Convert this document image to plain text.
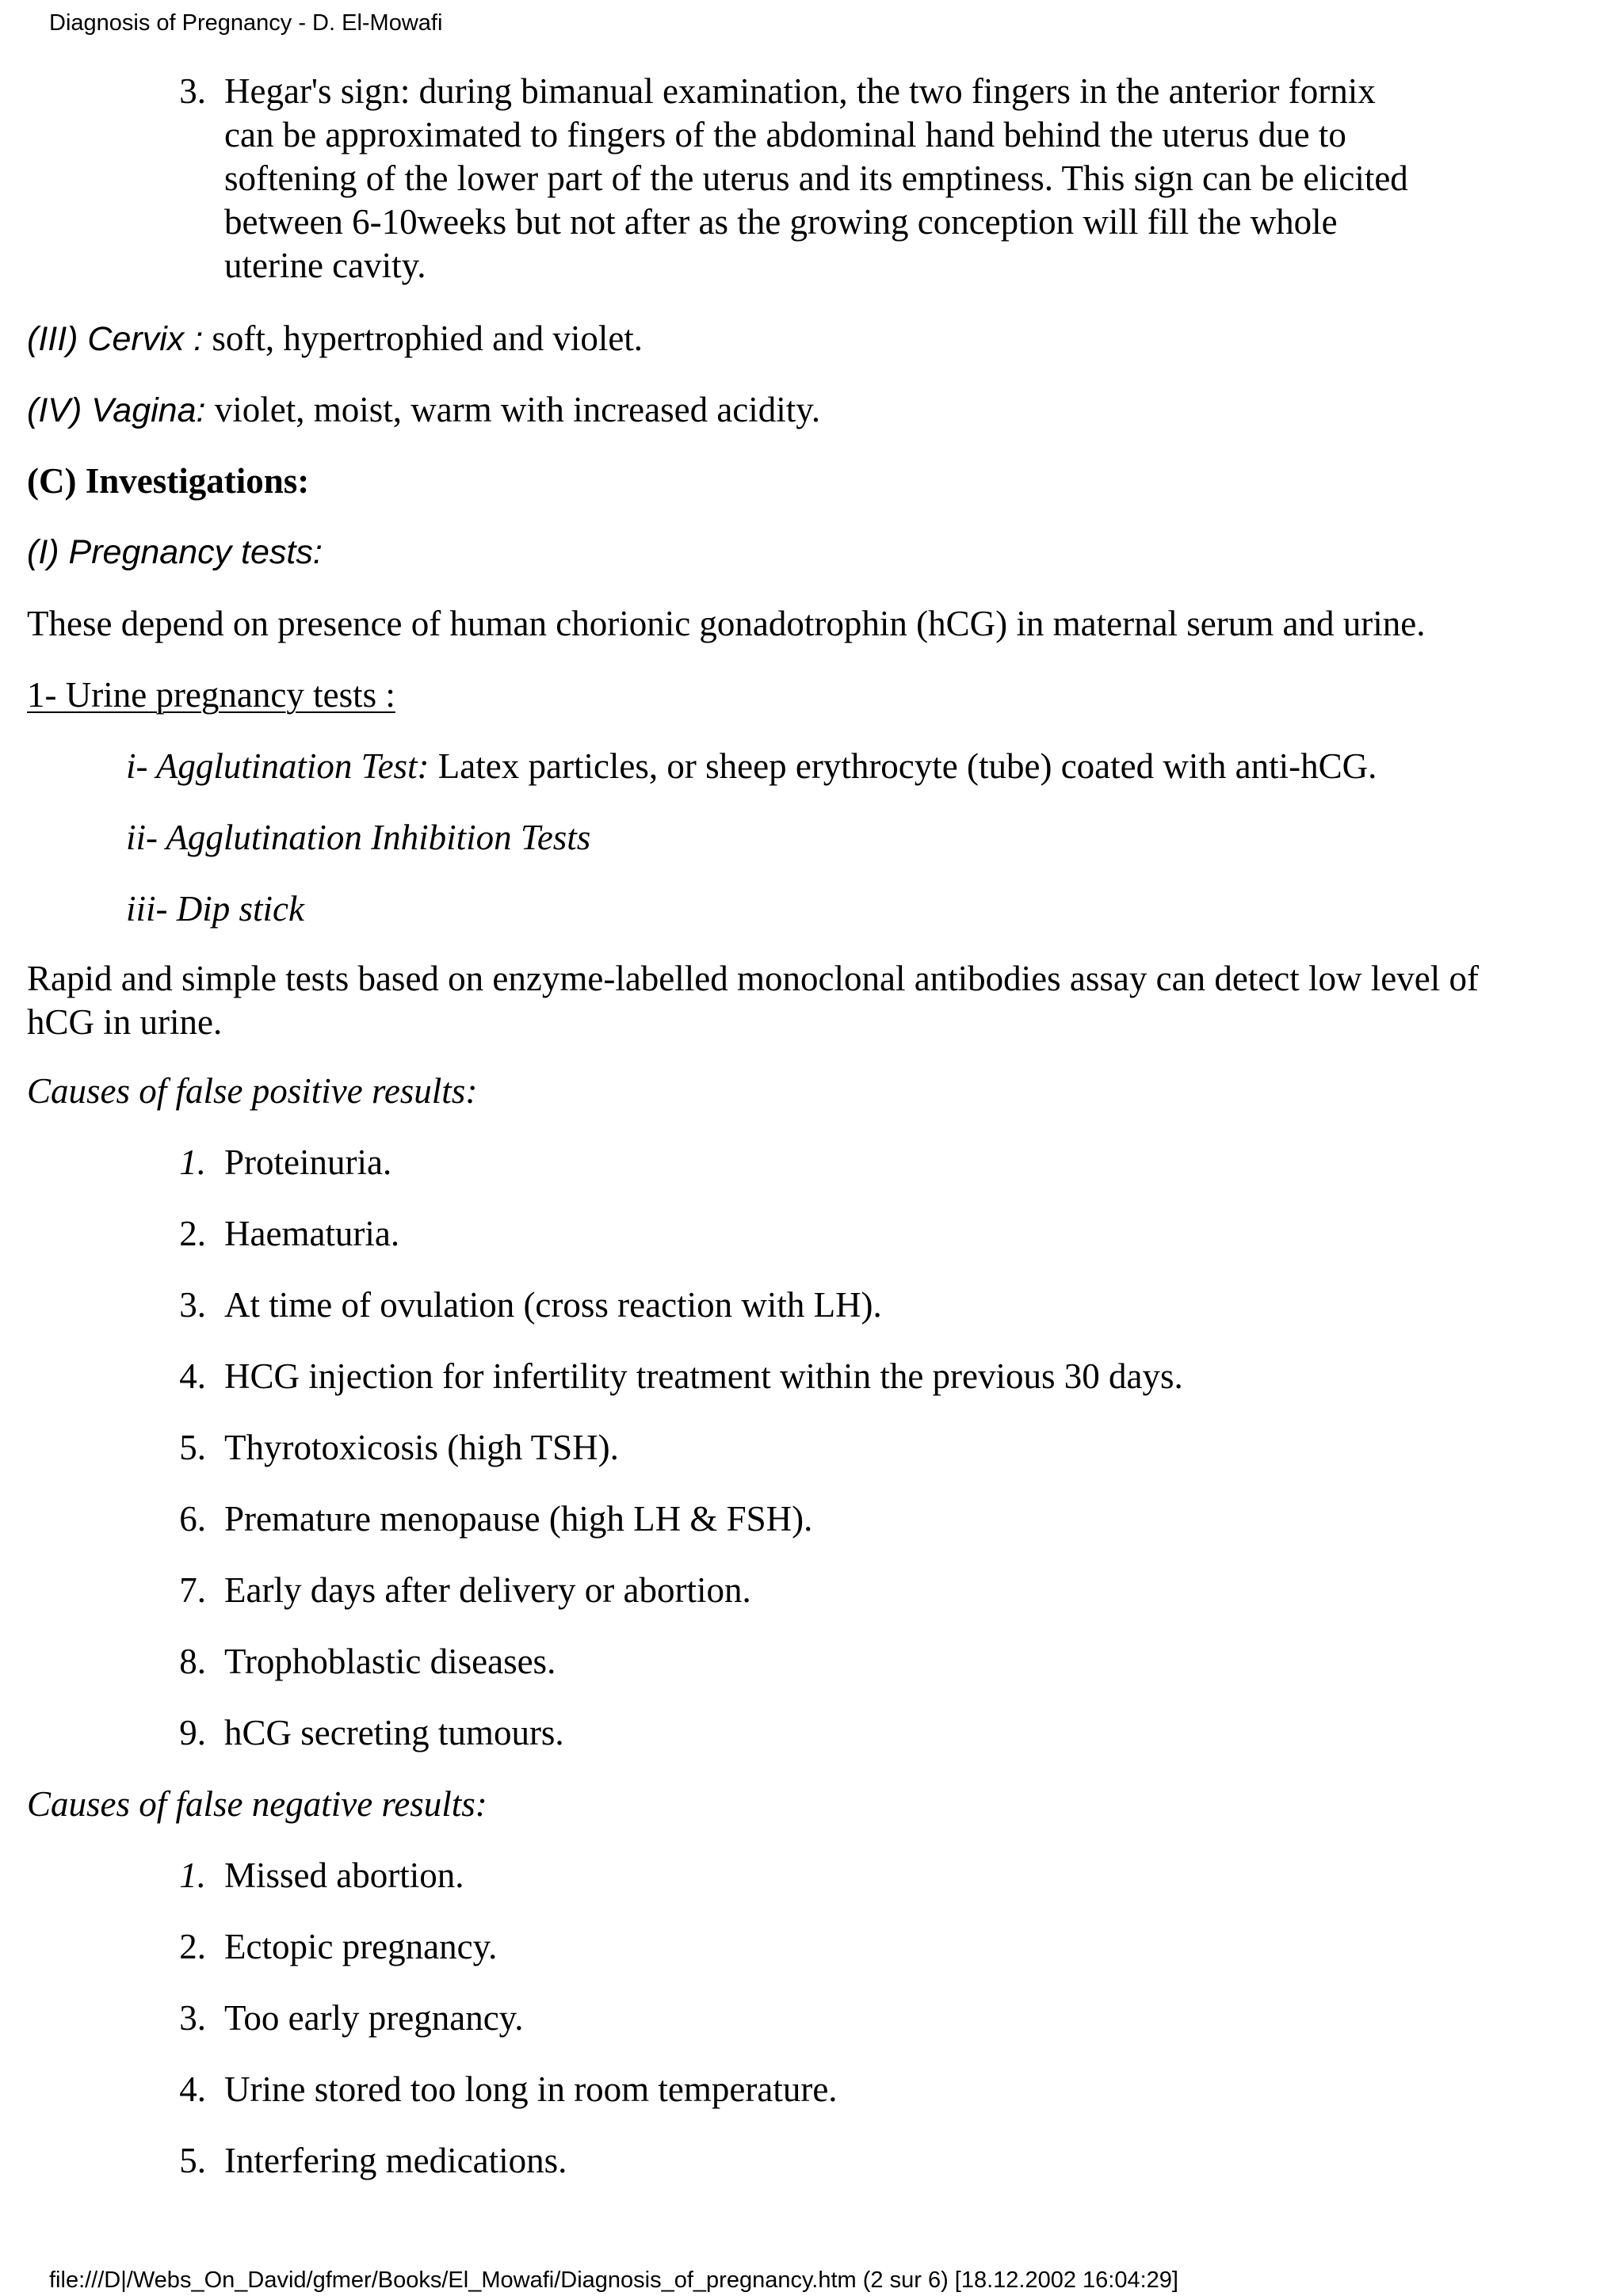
Diagnosis of Pregnancy - D. El-Mowafi
3. Hegar's sign: during bimanual examination, the two fingers in the anterior fornix
can be approximated to fingers of the abdominal hand behind the uterus due to
softening of the lower part of the uterus and its emptiness. This sign can be elicited
between 6-10weeks but not after as the growing conception will fill the whole
uterine cavity.
(III) Cervix : soft, hypertrophied and violet.
(IV) Vagina: violet, moist, warm with increased acidity.
(C) Investigations:
(I) Pregnancy tests:
These depend on presence of human chorionic gonadotrophin (hCG) in maternal serum and urine.
1- Urine pregnancy tests :
i- Agglutination Test: Latex particles, or sheep erythrocyte (tube) coated with anti-hCG.
ii- Agglutination Inhibition Tests
iii- Dip stick
Rapid and simple tests based on enzyme-labelled monoclonal antibodies assay can detect low level of
hCG in urine.
Causes of false positive results:
1. Proteinuria.
2. Haematuria.
3. At time of ovulation (cross reaction with LH).
4. HCG injection for infertility treatment within the previous 30 days.
5. Thyrotoxicosis (high TSH).
6. Premature menopause (high LH & FSH).
7. Early days after delivery or abortion.
8. Trophoblastic diseases.
9. hCG secreting tumours.
Causes of false negative results:
1. Missed abortion.
2. Ectopic pregnancy.
3. Too early pregnancy.
4. Urine stored too long in room temperature.
5. Interfering medications.
file:///D|/Webs_On_David/gfmer/Books/El_Mowafi/Diagnosis_of_pregnancy.htm (2 sur 6) [18.12.2002 16:04:29]
